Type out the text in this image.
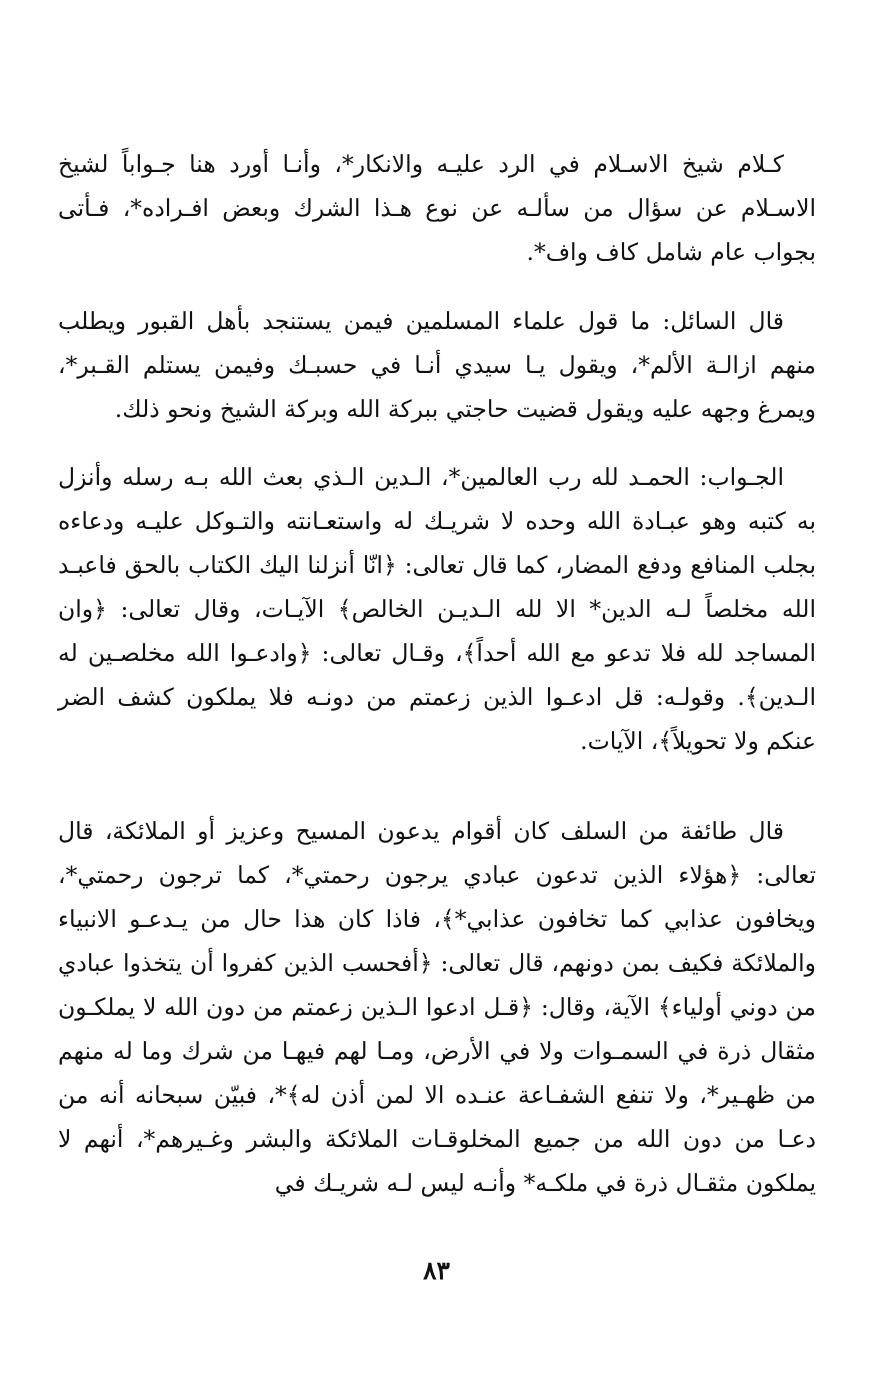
كـلام شيخ الاسـلام في الرد عليـه والانكار*، وأنـا أورد هنا جـواباً لشيخ الاسـلام عن سؤال من سألـه عن نوع هـذا الشرك وبعض افـراده*، فـأتى بجواب عام شامل كاف واف*.

قال السائل: ما قول علماء المسلمين فيمن يستنجد بأهل القبور ويطلب منهم ازالـة الألم*، ويقول يـا سيدي أنـا في حسبـك وفيمن يستلم القـبر*، ويمرغ وجهه عليه ويقول قضيت حاجتي ببركة الله وبركة الشيخ ونحو ذلك.

الجـواب: الحمـد لله رب العالمين*، الـدين الـذي بعث الله بـه رسله وأنزل به كتبه وهو عبـادة الله وحده لا شريـك له واستعـانته والتـوكل عليـه ودعاءه بجلب المنافع ودفع المضار، كما قال تعالى: ﴿انّا أنزلنا اليك الكتاب بالحق فاعبـد الله مخلصاً لـه الدين* الا لله الـديـن الخالص﴾ الآيـات، وقال تعالى: ﴿وان المساجد لله فلا تدعو مع الله أحداً﴾، وقـال تعالى: ﴿وادعـوا الله مخلصـين له الـدين﴾. وقولـه: قل ادعـوا الذين زعمتم من دونـه فلا يملكون كشف الضر عنكم ولا تحويلاً﴾، الآيات.

قال طائفة من السلف كان أقوام يدعون المسيح وعزيز أو الملائكة، قال تعالى: ﴿هؤلاء الذين تدعون عبادي يرجون رحمتي*، كما ترجون رحمتي*، ويخافون عذابي كما تخافون عذابي*﴾، فاذا كان هذا حال من يـدعـو الانبياء والملائكة فكيف بمن دونهم، قال تعالى: ﴿أفحسب الذين كفروا أن يتخذوا عبادي من دوني أولياء﴾ الآية، وقال: ﴿قـل ادعوا الـذين زعمتم من دون الله لا يملكـون مثقال ذرة في السمـوات ولا في الأرض، ومـا لهم فيهـا من شرك وما له منهم من ظهـير*، ولا تنفع الشفـاعة عنـده الا لمن أذن له﴾*، فبيّن سبحانه أنه من دعـا من دون الله من جميع المخلوقـات الملائكة والبشر وغـيرهم*، أنهم لا يملكون مثقـال ذرة في ملكـه* وأنـه ليس لـه شريـك في

٨٣
